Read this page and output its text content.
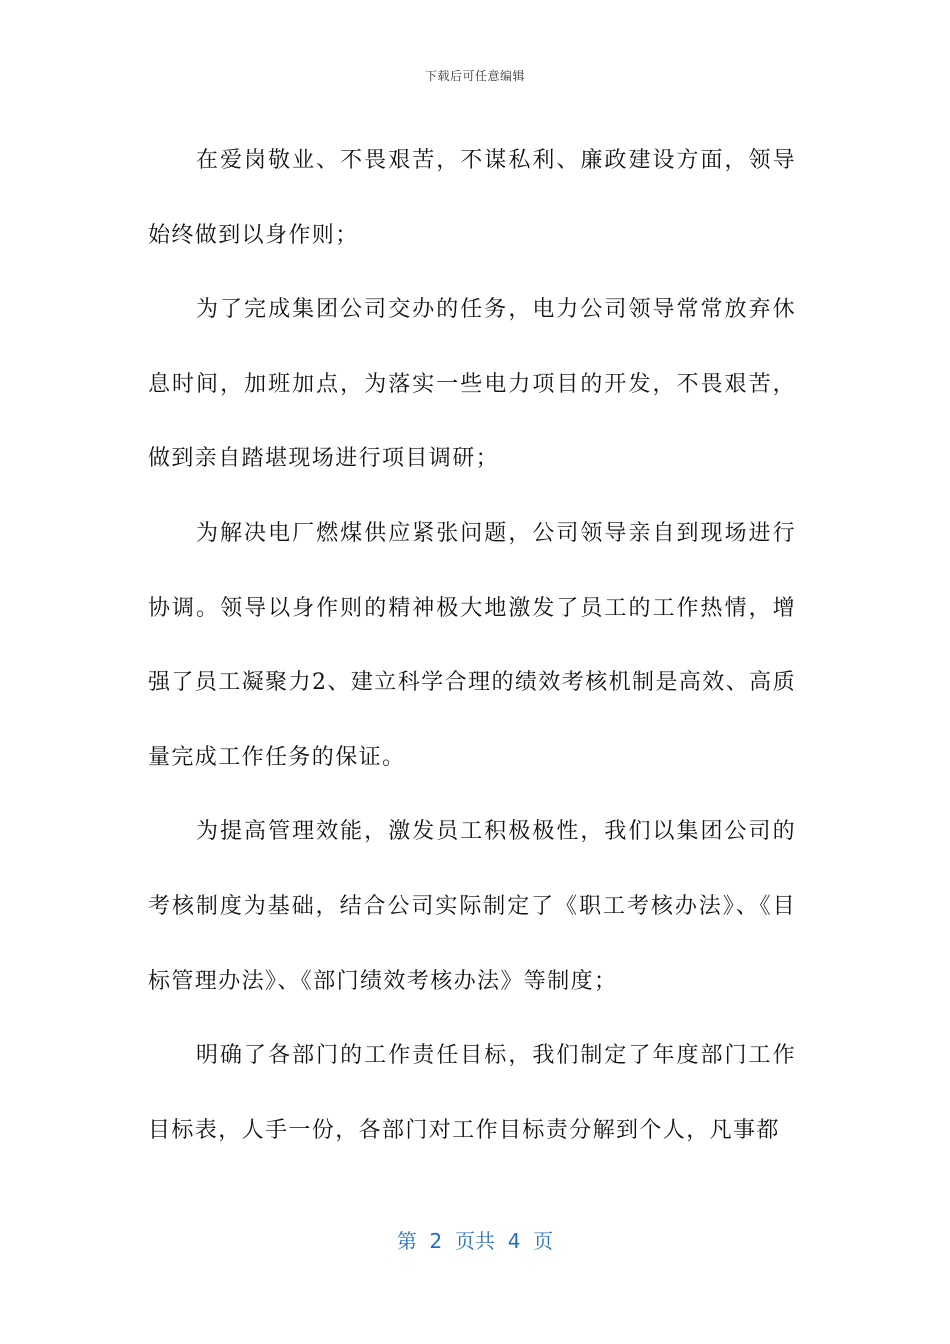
下载后可任意编辑

在爱岗敬业、不畏艰苦，不谋私利、廉政建设方面，领导始终做到以身作则；

为了完成集团公司交办的任务，电力公司领导常常放弃休息时间，加班加点，为落实一些电力项目的开发，不畏艰苦，做到亲自踏堪现场进行项目调研；

为解决电厂燃煤供应紧张问题，公司领导亲自到现场进行协调。领导以身作则的精神极大地激发了员工的工作热情，增强了员工凝聚力2、建立科学合理的绩效考核机制是高效、高质量完成工作任务的保证。

为提高管理效能，激发员工积极极性，我们以集团公司的考核制度为基础，结合公司实际制定了《职工考核办法》、《目标管理办法》、《部门绩效考核办法》等制度；

明确了各部门的工作责任目标，我们制定了年度部门工作目标表，人手一份，各部门对工作目标责分解到个人，凡事都

第  2  页共  4  页
